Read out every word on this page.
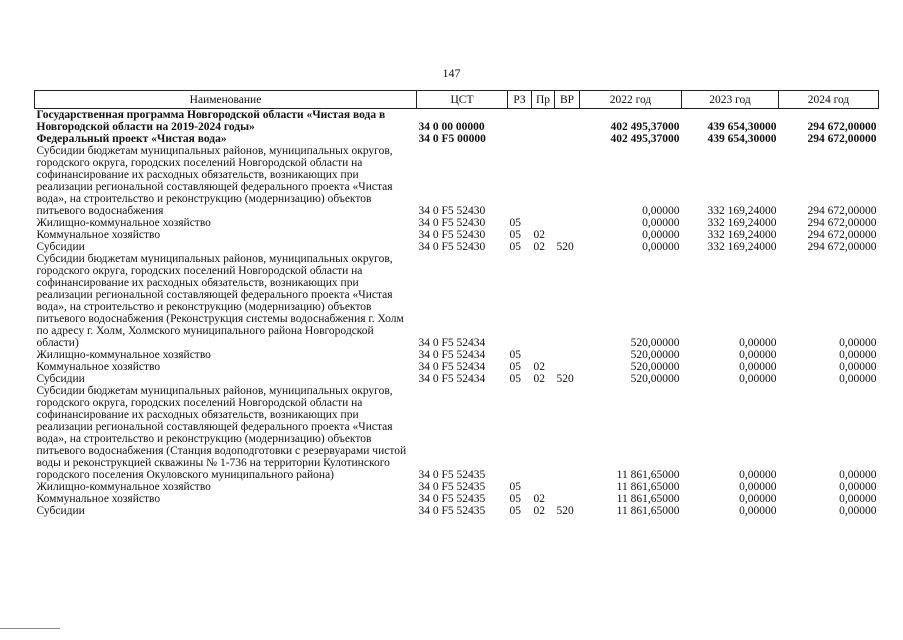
147
Наименование	ЦСТ	РЗ	Пр	ВР	2022 год	2023 год	2024 год
Государственная программа Новгородской области «Чистая вода в Новгородской области на 2019-2024 годы»	34 0 00 00000				402 495,37000	439 654,30000	294 672,00000
Федеральный проект «Чистая вода»	34 0 F5 00000				402 495,37000	439 654,30000	294 672,00000
Субсидии бюджетам муниципальных районов, муниципальных округов, городского округа, городских поселений Новгородской области на софинансирование их расходных обязательств, возникающих при реализации региональной составляющей федерального проекта «Чистая вода», на строительство и реконструкцию (модернизацию) объектов питьевого водоснабжения	34 0 F5 52430				0,00000	332 169,24000	294 672,00000
Жилищно-коммунальное хозяйство	34 0 F5 52430	05			0,00000	332 169,24000	294 672,00000
Коммунальное хозяйство	34 0 F5 52430	05	02		0,00000	332 169,24000	294 672,00000
Субсидии	34 0 F5 52430	05	02	520	0,00000	332 169,24000	294 672,00000
Субсидии бюджетам муниципальных районов, муниципальных округов, городского округа, городских поселений Новгородской области на софинансирование их расходных обязательств, возникающих при реализации региональной составляющей федерального проекта «Чистая вода», на строительство и реконструкцию (модернизацию) объектов питьевого водоснабжения (Реконструкция системы водоснабжения г. Холм по адресу г. Холм, Холмского муниципального района Новгородской области)	34 0 F5 52434				520,00000	0,00000	0,00000
Жилищно-коммунальное хозяйство	34 0 F5 52434	05			520,00000	0,00000	0,00000
Коммунальное хозяйство	34 0 F5 52434	05	02		520,00000	0,00000	0,00000
Субсидии	34 0 F5 52434	05	02	520	520,00000	0,00000	0,00000
Субсидии бюджетам муниципальных районов, муниципальных округов, городского округа, городских поселений Новгородской области на софинансирование их расходных обязательств, возникающих при реализации региональной составляющей федерального проекта «Чистая вода», на строительство и реконструкцию (модернизацию) объектов питьевого водоснабжения (Станция водоподготовки с резервуарами чистой воды и реконструкцией скважины № 1-736 на территории Кулотинского городского поселения Окуловского муниципального района)	34 0 F5 52435				11 861,65000	0,00000	0,00000
Жилищно-коммунальное хозяйство	34 0 F5 52435	05			11 861,65000	0,00000	0,00000
Коммунальное хозяйство	34 0 F5 52435	05	02		11 861,65000	0,00000	0,00000
Субсидии	34 0 F5 52435	05	02	520	11 861,65000	0,00000	0,00000
